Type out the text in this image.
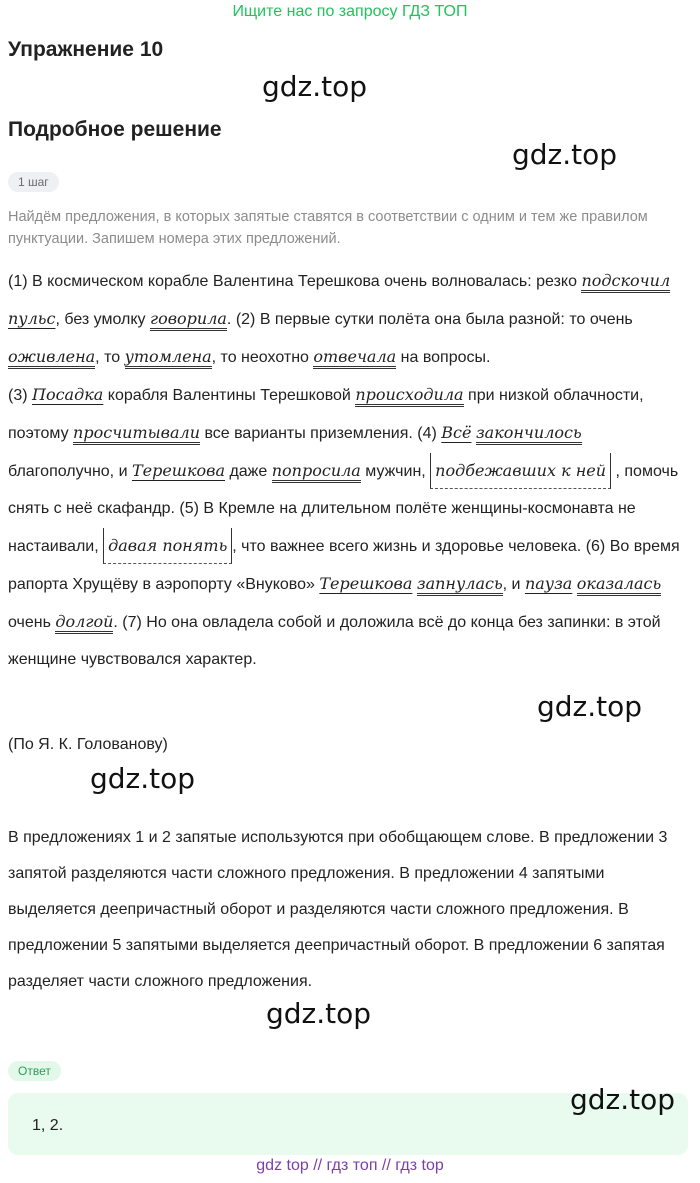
Ищите нас по запросу ГДЗ ТОП
Упражнение 10
gdz.top
Подробное решение
gdz.top
1 шаг
Найдём предложения, в которых запятые ставятся в соответствии с одним и тем же правилом пунктуации. Запишем номера этих предложений.
(1) В космическом корабле Валентина Терешкова очень волновалась: резко подскочил пульс, без умолку говорила. (2) В первые сутки полёта она была разной: то очень оживлена, то утомлена, то неохотно отвечала на вопросы.
(3) Посадка корабля Валентины Терешковой происходила при низкой облачности, поэтому просчитывали все варианты приземления. (4) Всё закончилось благополучно, и Терешкова даже попросила мужчин, подбежавших к ней , помочь снять с неё скафандр. (5) В Кремле на длительном полёте женщины-космонавта не настаивали, давая понять , что важнее всего жизнь и здоровье человека. (6) Во время рапорта Хрущёву в аэропорту «Внуково» Терешкова запнулась, и пауза оказалась очень долгой. (7) Но она овладела собой и доложила всё до конца без запинки: в этой женщине чувствовался характер.
gdz.top
(По Я. К. Голованову)
gdz.top
В предложениях 1 и 2 запятые используются при обобщающем слове. В предложении 3 запятой разделяются части сложного предложения. В предложении 4 запятыми выделяется деепричастный оборот и разделяются части сложного предложения. В предложении 5 запятыми выделяется деепричастный оборот. В предложении 6 запятая разделяет части сложного предложения.
gdz.top
Ответ
1, 2.
gdz.top
gdz top // гдз топ // гдз top
